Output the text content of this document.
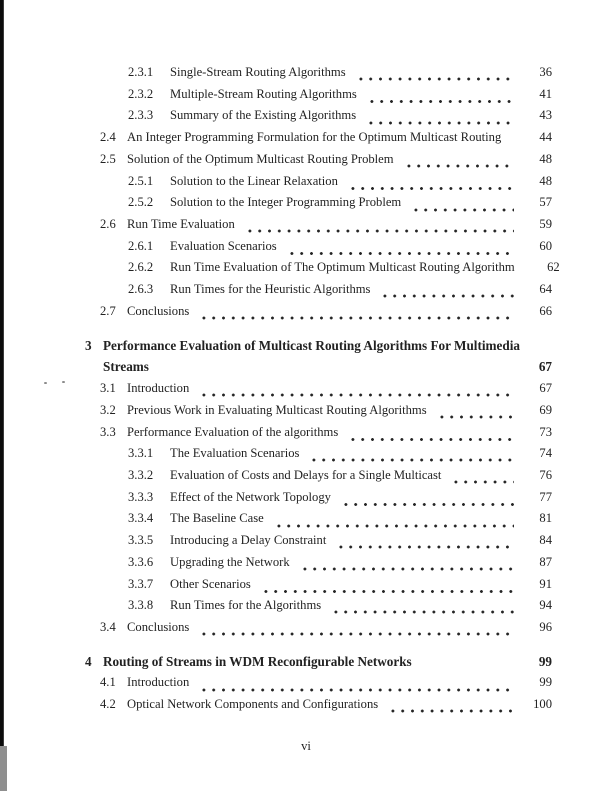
2.3.1	Single-Stream Routing Algorithms	36
2.3.2	Multiple-Stream Routing Algorithms	41
2.3.3	Summary of the Existing Algorithms	43
2.4 An Integer Programming Formulation for the Optimum Multicast Routing	44
2.5 Solution of the Optimum Multicast Routing Problem	48
2.5.1	Solution to the Linear Relaxation	48
2.5.2	Solution to the Integer Programming Problem	57
2.6 Run Time Evaluation	59
2.6.1	Evaluation Scenarios	60
2.6.2	Run Time Evaluation of The Optimum Multicast Routing Algorithm	62
2.6.3	Run Times for the Heuristic Algorithms	64
2.7 Conclusions	66
3 Performance Evaluation of Multicast Routing Algorithms For Multimedia
Streams	67
3.1 Introduction	67
3.2 Previous Work in Evaluating Multicast Routing Algorithms	69
3.3 Performance Evaluation of the algorithms	73
3.3.1	The Evaluation Scenarios	74
3.3.2	Evaluation of Costs and Delays for a Single Multicast	76
3.3.3	Effect of the Network Topology	77
3.3.4	The Baseline Case	81
3.3.5	Introducing a Delay Constraint	84
3.3.6	Upgrading the Network	87
3.3.7	Other Scenarios	91
3.3.8	Run Times for the Algorithms	94
3.4 Conclusions	96
4 Routing of Streams in WDM Reconfigurable Networks	99
4.1 Introduction	99
4.2 Optical Network Components and Configurations	100
vi
